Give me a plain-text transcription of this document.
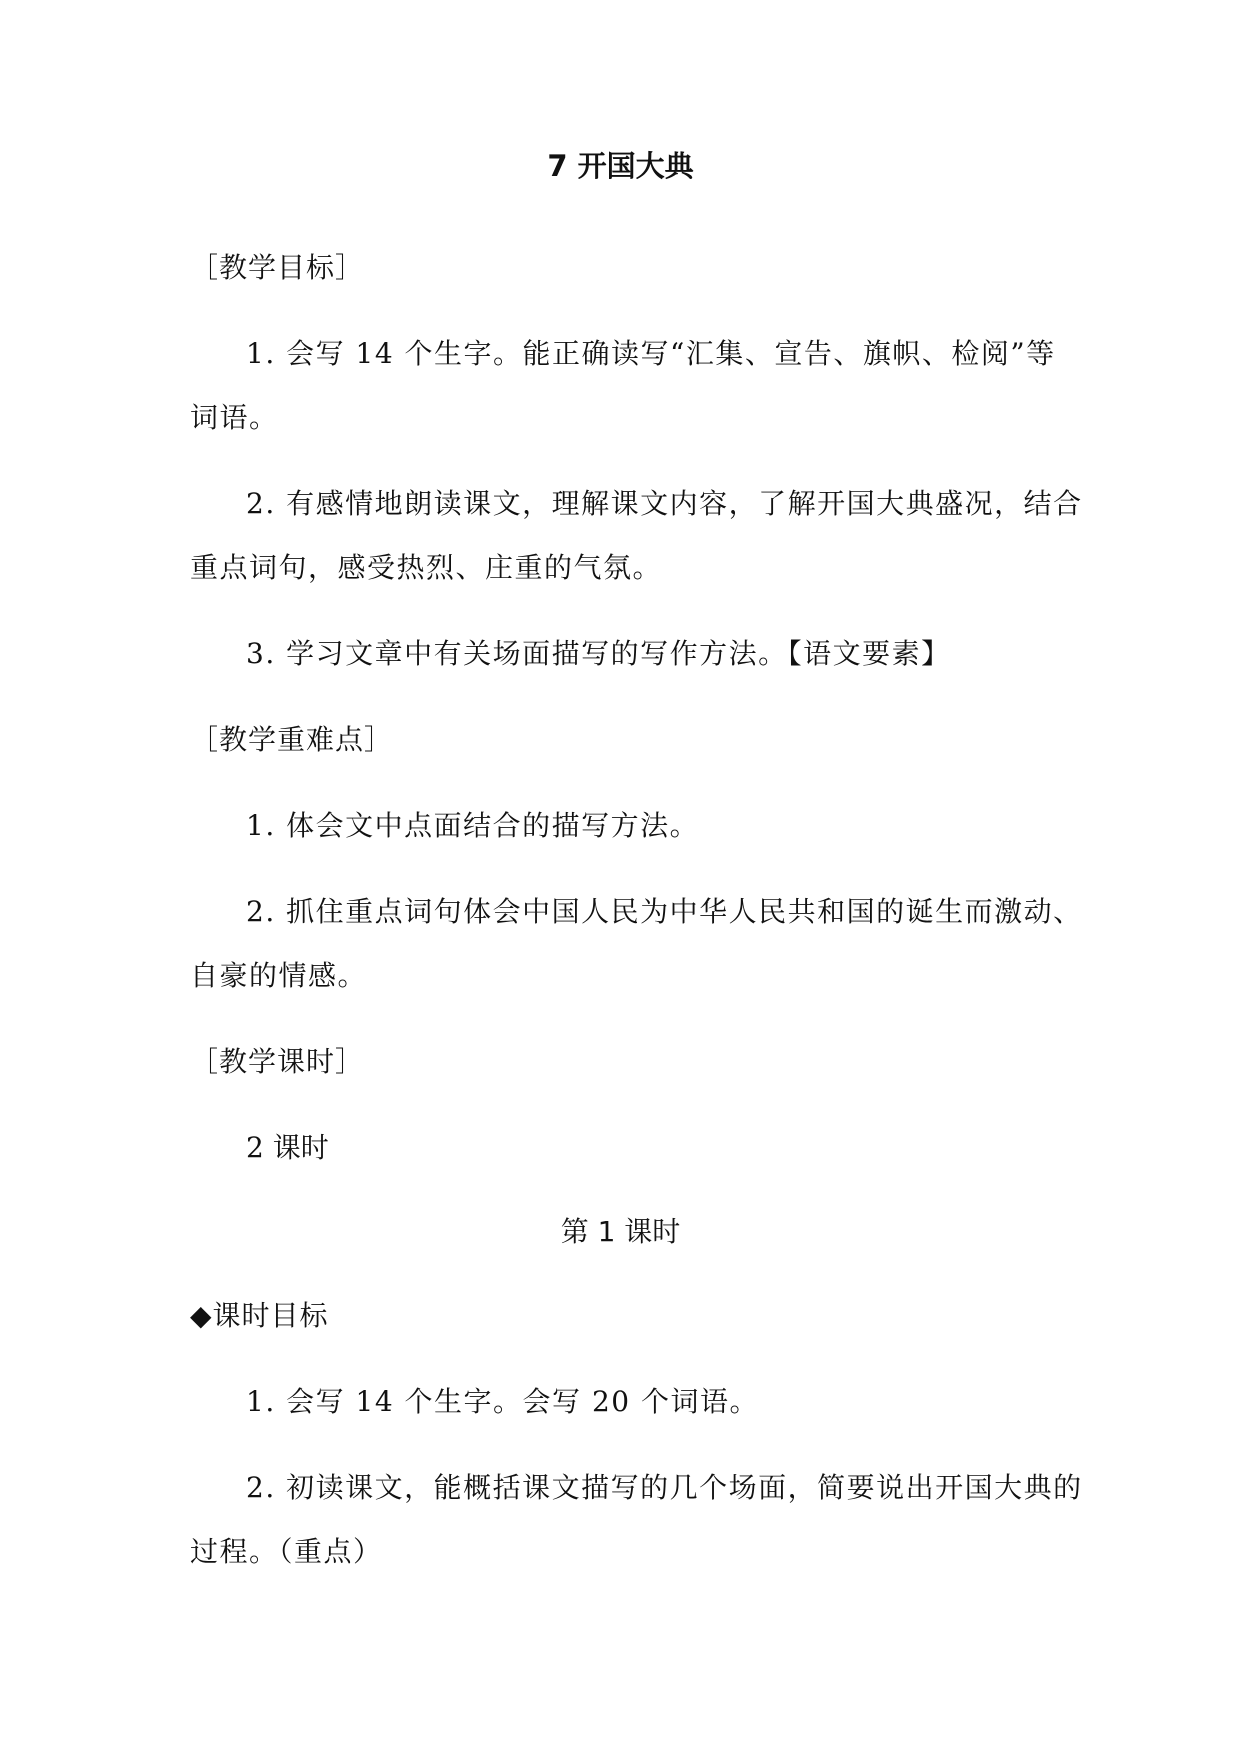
7 开国大典
［教学目标］
1. 会写 14 个生字。能正确读写“汇集、宣告、旗帜、检阅”等
词语。
2. 有感情地朗读课文，理解课文内容，了解开国大典盛况，结合
重点词句，感受热烈、庄重的气氛。
3. 学习文章中有关场面描写的写作方法。【语文要素】
［教学重难点］
1. 体会文中点面结合的描写方法。
2. 抓住重点词句体会中国人民为中华人民共和国的诞生而激动、
自豪的情感。
［教学课时］
2 课时
第 1 课时
◆课时目标
1. 会写 14 个生字。会写 20 个词语。
2. 初读课文，能概括课文描写的几个场面，简要说出开国大典的
过程。（重点）
